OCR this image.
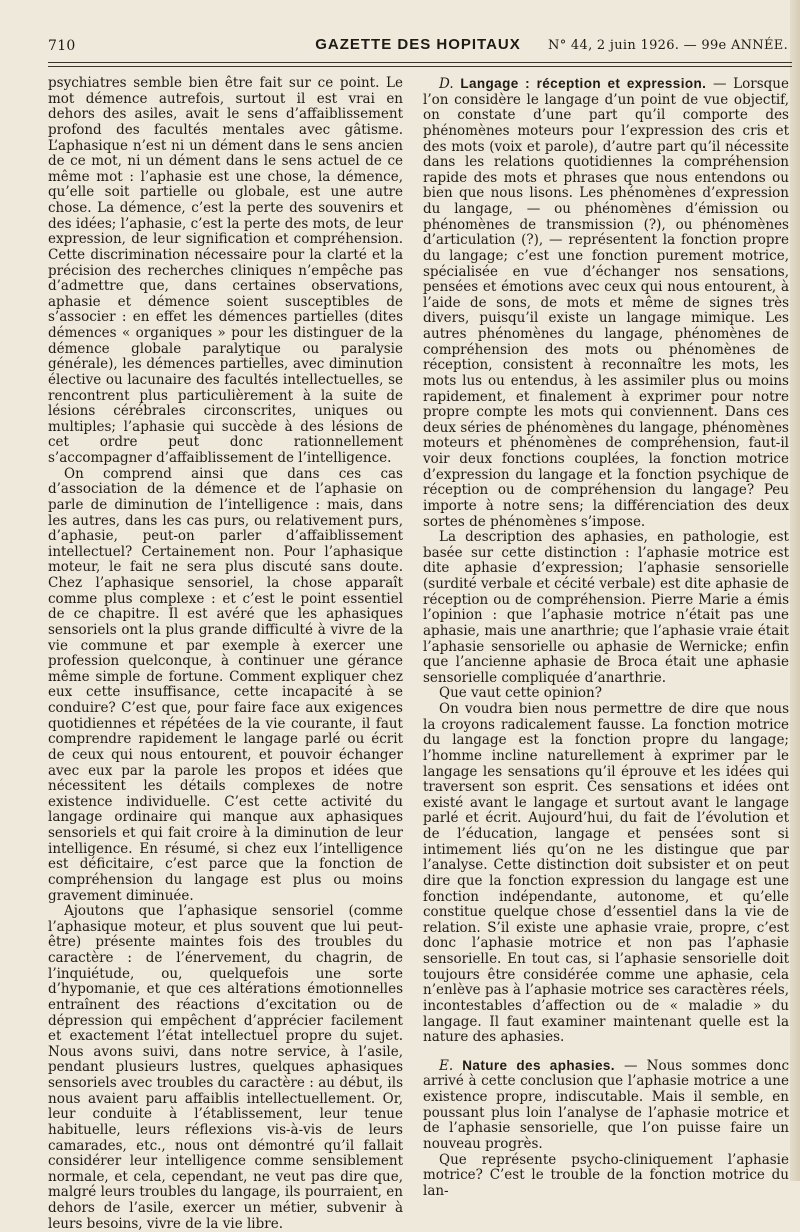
710	GAZETTE DES HOPITAUX	N° 44, 2 juin 1926. — 99e ANNÉE.

psychiatres semble bien être fait sur ce point. Le mot démence autrefois, surtout il est vrai en dehors des asiles, avait le sens d’affaiblissement profond des facultés mentales avec gâtisme. L’aphasique n’est ni un dément dans le sens ancien de ce mot, ni un dément dans le sens actuel de ce même mot : l’aphasie est une chose, la démence, qu’elle soit partielle ou globale, est une autre chose. La démence, c’est la perte des souvenirs et des idées; l’aphasie, c’est la perte des mots, de leur expression, de leur signification et compréhension. Cette discrimination nécessaire pour la clarté et la précision des recherches cliniques n’empêche pas d’admettre que, dans certaines observations, aphasie et démence soient susceptibles de s’associer : en effet les démences partielles (dites démences « organiques » pour les distinguer de la démence globale paralytique ou paralysie générale), les démences partielles, avec diminution élective ou lacunaire des facultés intellectuelles, se rencontrent plus particulièrement à la suite de lésions cérébrales circonscrites, uniques ou multiples; l’aphasie qui succède à des lésions de cet ordre peut donc rationnellement s’accompagner d’affaiblissement de l’intelligence.

On comprend ainsi que dans ces cas d’association de la démence et de l’aphasie on parle de diminution de l’intelligence : mais, dans les autres, dans les cas purs, ou relativement purs, d’aphasie, peut-on parler d’affaiblissement intellectuel? Certainement non. Pour l’aphasique moteur, le fait ne sera plus discuté sans doute. Chez l’aphasique sensoriel, la chose apparaît comme plus complexe : et c’est le point essentiel de ce chapitre. Il est avéré que les aphasiques sensoriels ont la plus grande difficulté à vivre de la vie commune et par exemple à exercer une profession quelconque, à continuer une gérance même simple de fortune. Comment expliquer chez eux cette insuffisance, cette incapacité à se conduire? C’est que, pour faire face aux exigences quotidiennes et répétées de la vie courante, il faut comprendre rapidement le langage parlé ou écrit de ceux qui nous entourent, et pouvoir échanger avec eux par la parole les propos et idées que nécessitent les détails complexes de notre existence individuelle. C’est cette activité du langage ordinaire qui manque aux aphasiques sensoriels et qui fait croire à la diminution de leur intelligence. En résumé, si chez eux l’intelligence est déficitaire, c’est parce que la fonction de compréhension du langage est plus ou moins gravement diminuée.

Ajoutons que l’aphasique sensoriel (comme l’aphasique moteur, et plus souvent que lui peut-être) présente maintes fois des troubles du caractère : de l’énervement, du chagrin, de l’inquiétude, ou, quelquefois une sorte d’hypomanie, et que ces altérations émotionnelles entraînent des réactions d’excitation ou de dépression qui empêchent d’apprécier facilement et exactement l’état intellectuel propre du sujet. Nous avons suivi, dans notre service, à l’asile, pendant plusieurs lustres, quelques aphasiques sensoriels avec troubles du caractère : au début, ils nous avaient paru affaiblis intellectuellement. Or, leur conduite à l’établissement, leur tenue habituelle, leurs réflexions vis-à-vis de leurs camarades, etc., nous ont démontré qu’il fallait considérer leur intelligence comme sensiblement normale, et cela, cependant, ne veut pas dire que, malgré leurs troubles du langage, ils pourraient, en dehors de l’asile, exercer un métier, subvenir à leurs besoins, vivre de la vie libre.

D. Langage : réception et expression. — Lorsque l’on considère le langage d’un point de vue objectif, on constate d’une part qu’il comporte des phénomènes moteurs pour l’expression des cris et des mots (voix et parole), d’autre part qu’il nécessite dans les relations quotidiennes la compréhension rapide des mots et phrases que nous entendons ou bien que nous lisons. Les phénomènes d’expression du langage, — ou phénomènes d’émission ou phénomènes de transmission (?), ou phénomènes d’articulation (?), — représentent la fonction propre du langage; c’est une fonction purement motrice, spécialisée en vue d’échanger nos sensations, pensées et émotions avec ceux qui nous entourent, à l’aide de sons, de mots et même de signes très divers, puisqu’il existe un langage mimique. Les autres phénomènes du langage, phénomènes de compréhension des mots ou phénomènes de réception, consistent à reconnaître les mots, les mots lus ou entendus, à les assimiler plus ou moins rapidement, et finalement à exprimer pour notre propre compte les mots qui conviennent. Dans ces deux séries de phénomènes du langage, phénomènes moteurs et phénomènes de compréhension, faut-il voir deux fonctions couplées, la fonction motrice d’expression du langage et la fonction psychique de réception ou de compréhension du langage? Peu importe à notre sens; la différenciation des deux sortes de phénomènes s’impose.

La description des aphasies, en pathologie, est basée sur cette distinction : l’aphasie motrice est dite aphasie d’expression; l’aphasie sensorielle (surdité verbale et cécité verbale) est dite aphasie de réception ou de compréhension. Pierre Marie a émis l’opinion : que l’aphasie motrice n’était pas une aphasie, mais une anarthrie; que l’aphasie vraie était l’aphasie sensorielle ou aphasie de Wernicke; enfin que l’ancienne aphasie de Broca était une aphasie sensorielle compliquée d’anarthrie.

Que vaut cette opinion?

On voudra bien nous permettre de dire que nous la croyons radicalement fausse. La fonction motrice du langage est la fonction propre du langage; l’homme incline naturellement à exprimer par le langage les sensations qu’il éprouve et les idées qui traversent son esprit. Ces sensations et idées ont existé avant le langage et surtout avant le langage parlé et écrit. Aujourd’hui, du fait de l’évolution et de l’éducation, langage et pensées sont si intimement liés qu’on ne les distingue que par l’analyse. Cette distinction doit subsister et on peut dire que la fonction expression du langage est une fonction indépendante, autonome, et qu’elle constitue quelque chose d’essentiel dans la vie de relation. S’il existe une aphasie vraie, propre, c’est donc l’aphasie motrice et non pas l’aphasie sensorielle. En tout cas, si l’aphasie sensorielle doit toujours être considérée comme une aphasie, cela n’enlève pas à l’aphasie motrice ses caractères réels, incontestables d’affection ou de « maladie » du langage. Il faut examiner maintenant quelle est la nature des aphasies.

E. Nature des aphasies. — Nous sommes donc arrivé à cette conclusion que l’aphasie motrice a une existence propre, indiscutable. Mais il semble, en poussant plus loin l’analyse de l’aphasie motrice et de l’aphasie sensorielle, que l’on puisse faire un nouveau progrès.

Que représente psycho-cliniquement l’aphasie motrice? C’est le trouble de la fonction motrice du lan-
